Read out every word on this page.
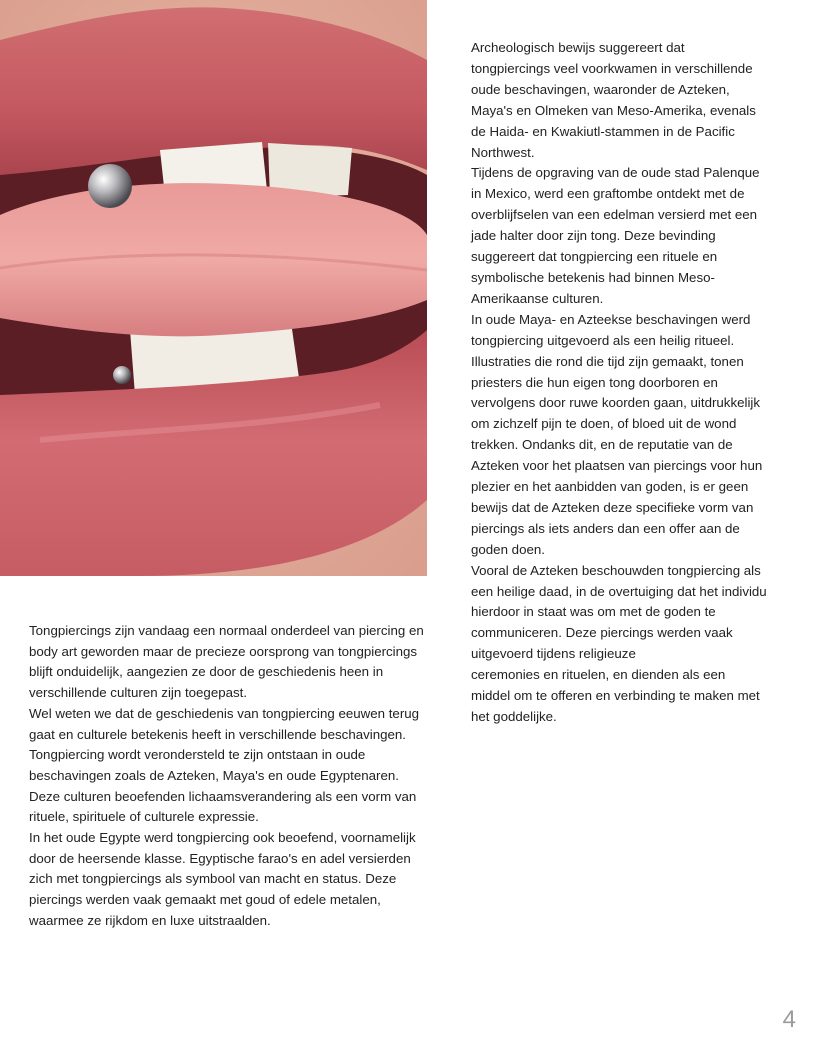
Tongpiercings zijn vandaag een normaal onderdeel van piercing en body art geworden maar de precieze oorsprong van tongpiercings blijft onduidelijk, aangezien ze door de geschiedenis heen in verschillende culturen zijn toegepast.

Wel weten we dat de geschiedenis van tongpiercing eeuwen terug gaat en culturele betekenis heeft in verschillende beschavingen. Tongpiercing wordt verondersteld te zijn ontstaan in oude beschavingen zoals de Azteken, Maya's en oude Egyptenaren. Deze culturen beoefenden lichaamsverandering als een vorm van rituele, spirituele of culturele expressie.

In het oude Egypte werd tongpiercing ook beoefend, voornamelijk door de heersende klasse. Egyptische farao's en adel versierden zich met tongpiercings als symbool van macht en status. Deze piercings werden vaak gemaakt met goud of edele metalen, waarmee ze rijkdom en luxe uitstraalden.

Archeologisch bewijs suggereert dat tongpiercings veel voorkwamen in verschillende oude beschavingen, waaronder de Azteken, Maya's en Olmeken van Meso-Amerika, evenals de Haida- en Kwakiutl-stammen in de Pacific Northwest.

Tijdens de opgraving van de oude stad Palenque in Mexico, werd een graftombe ontdekt met de overblijfselen van een edelman versierd met een jade halter door zijn tong. Deze bevinding suggereert dat tongpiercing een rituele en symbolische betekenis had binnen Meso-Amerikaanse culturen.

In oude Maya- en Azteekse beschavingen werd tongpiercing uitgevoerd als een heilig ritueel. Illustraties die rond die tijd zijn gemaakt, tonen priesters die hun eigen tong doorboren en vervolgens door ruwe koorden gaan, uitdrukkelijk om zichzelf pijn te doen, of bloed uit de wond trekken. Ondanks dit, en de reputatie van de Azteken voor het plaatsen van piercings voor hun plezier en het aanbidden van goden, is er geen bewijs dat de Azteken deze specifieke vorm van piercings als iets anders dan een offer aan de goden doen.

Vooral de Azteken beschouwden tongpiercing als een heilige daad, in de overtuiging dat het individu hierdoor in staat was om met de goden te communiceren. Deze piercings werden vaak uitgevoerd tijdens religieuze

ceremonies en rituelen, en dienden als een middel om te offeren en verbinding te maken met het goddelijke.

4
